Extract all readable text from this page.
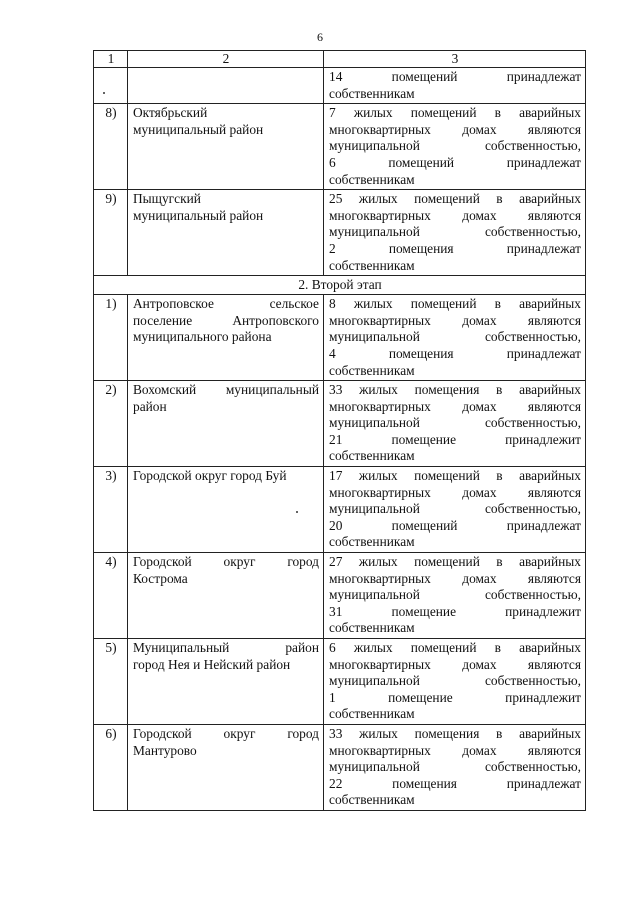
6
1	2	3

		14 помещений принадлежат
собственникам

8)	Октябрьский
муниципальный район	7 жилых помещений в аварийных
многоквартирных домах являются
муниципальной собственностью,
6 помещений принадлежат
собственникам

9)	Пыщугский
муниципальный район	25 жилых помещений в аварийных
многоквартирных домах являются
муниципальной собственностью,
2 помещения принадлежат
собственникам

2. Второй этап		
1)	Антроповское сельское
поселение Антроповского
муниципального района	8 жилых помещений в аварийных
многоквартирных домах являются
муниципальной собственностью,
4 помещения принадлежат
собственникам

2)	Вохомский муниципальный
район	33 жилых помещения в аварийных
многоквартирных домах являются
муниципальной собственностью,
21 помещение принадлежит
собственникам

3)	Городской округ город Буй	17 жилых помещений в аварийных
многоквартирных домах являются
муниципальной собственностью,
20 помещений принадлежат
собственникам

4)	Городской округ город
Кострома	27 жилых помещений в аварийных
многоквартирных домах являются
муниципальной собственностью,
31 помещение принадлежит
собственникам

5)	Муниципальный район
город Нея и Нейский район	6 жилых помещений в аварийных
многоквартирных домах являются
муниципальной собственностью,
1 помещение принадлежит
собственникам

6)	Городской округ город
Мантурово	33 жилых помещения в аварийных
многоквартирных домах являются
муниципальной собственностью,
22 помещения принадлежат
собственникам
